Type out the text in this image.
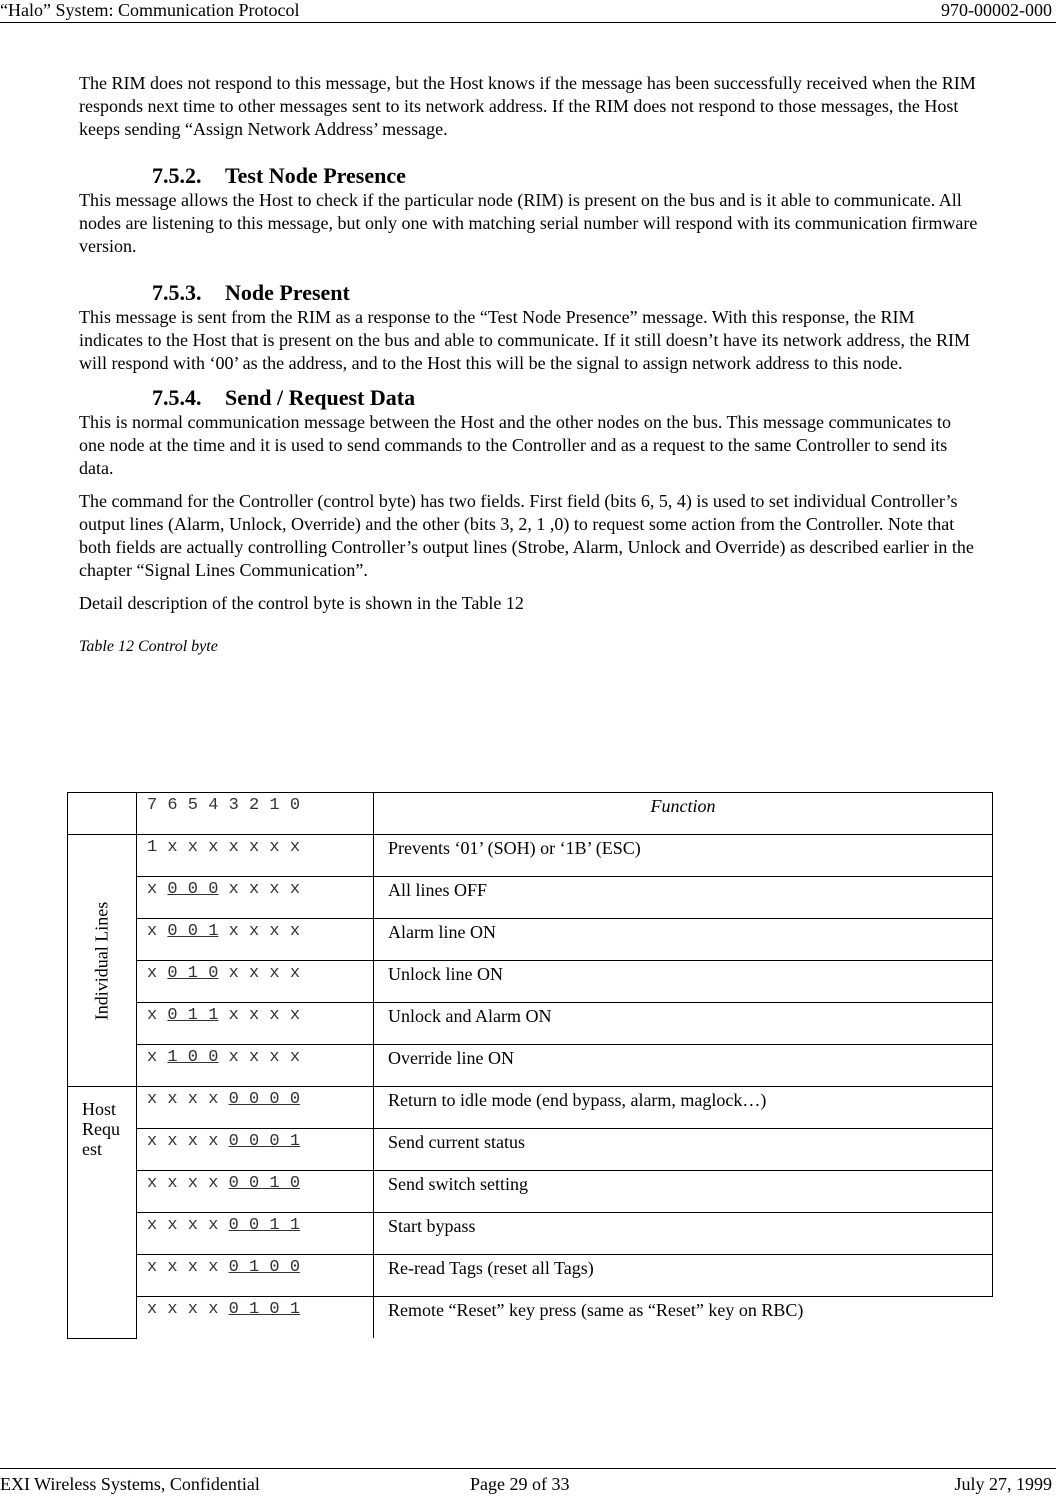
“Halo” System: Communication Protocol	970-00002-000

The RIM does not respond to this message, but the Host knows if the message has been successfully received when the RIM responds next time to other messages sent to its network address. If the RIM does not respond to those messages, the Host keeps sending “Assign Network Address’ message.

7.5.2. Test Node Presence

This message allows the Host to check if the particular node (RIM) is present on the bus and is it able to communicate. All nodes are listening to this message, but only one with matching serial number will respond with its communication firmware version.

7.5.3. Node Present

This message is sent from the RIM as a response to the “Test Node Presence” message. With this response, the RIM indicates to the Host that is present on the bus and able to communicate. If it still doesn’t have its network address, the RIM will respond with ‘00’ as the address, and to the Host this will be the signal to assign network address to this node.

7.5.4. Send / Request Data

This is normal communication message between the Host and the other nodes on the bus. This message communicates to one node at the time and it is used to send commands to the Controller and as a request to the same Controller to send its data.

The command for the Controller (control byte) has two fields. First field (bits 6, 5, 4) is used to set individual Controller’s output lines (Alarm, Unlock, Override) and the other (bits 3, 2, 1 ,0) to request some action from the Controller. Note that both fields are actually controlling Controller’s output lines (Strobe, Alarm, Unlock and Override) as described earlier in the chapter “Signal Lines Communication”.

Detail description of the control byte is shown in the Table 12

Table 12 Control byte
	7 6 5 4 3 2 1 0	Function

Individual Lines	1 x x x x x x x	Prevents ‘01’ (SOH) or ‘1B’ (ESC)
	x 0 0 0 x x x x	All lines OFF
	x 0 0 1 x x x x	Alarm line ON
	x 0 1 0 x x x x	Unlock line ON
	x 0 1 1 x x x x	Unlock and Alarm ON
	x 1 0 0 x x x x	Override line ON

Host Request	x x x x 0 0 0 0	Return to idle mode (end bypass, alarm, maglock…)
	x x x x 0 0 0 1	Send current status
	x x x x 0 0 1 0	Send switch setting
	x x x x 0 0 1 1	Start bypass
	x x x x 0 1 0 0	Re-read Tags (reset all Tags)
	x x x x 0 1 0 1	Remote “Reset” key press (same as “Reset” key on RBC)
EXI Wireless Systems, Confidential	Page 29 of 33	July 27, 1999
